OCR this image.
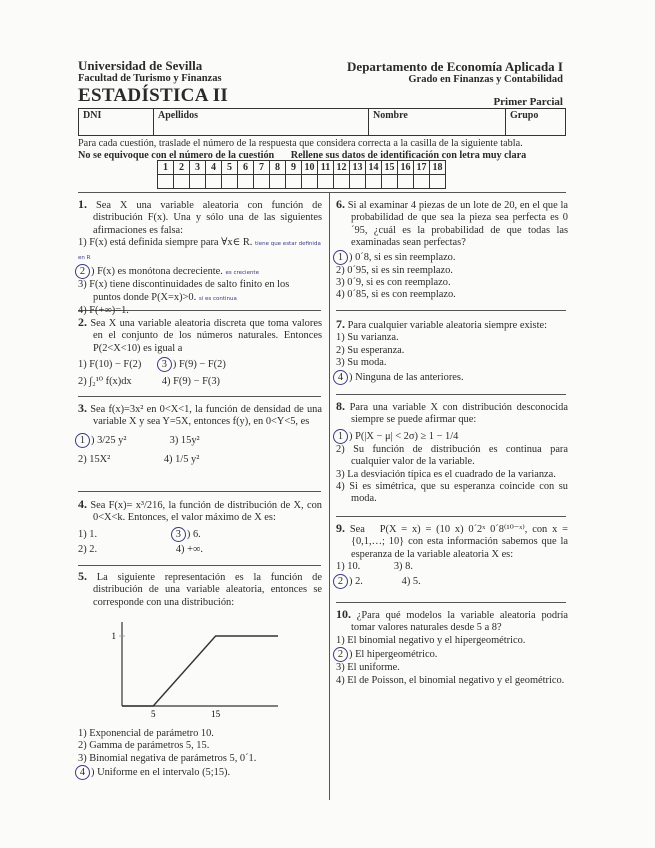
Universidad de Sevilla
Facultad de Turismo y Finanzas
Departamento de Economía Aplicada I
Grado en Finanzas y Contabilidad
ESTADÍSTICA II	Primer Parcial
DNI	Apellidos	Nombre	Grupo
Para cada cuestión, traslade el número de la respuesta que considera correcta a la casilla de la siguiente tabla.
No se equivoque con el número de la cuestión Rellene sus datos de identificación con letra muy clara
1	2	3	4	5	6	7	8	9	10	11	12	13	14	15	16	17	18

1. Sea X una variable aleatoria con función de distribución F(x). Una y sólo una de las siguientes afirmaciones es falsa:

1) F(x) está definida siempre para ∀x∈ R. tiene que estar definida en R

2 ) F(x) es monótona decreciente. es creciente

3) F(x) tiene discontinuidades de salto finito en los

puntos donde P(X=x)>0. si es continua

4) F(+∞)=1.

2. Sea X una variable aleatoria discreta que toma valores en el conjunto de los números naturales. Entonces P(2<X<10) es igual a

1) F(10) − F(2) 3 ) F(9) − F(2)

2) ∫₂¹⁰ f(x)dx	4) F(9) − F(3)

3. Sea f(x)=3x² en 0<X<1, la función de densidad de una variable X y sea Y=5X, entonces f(y), en 0<Y<5, es

1 ) 3/25 y²	3) 15y²

2) 15X²	4) 1/5 y²

4. Sea F(x)= x³/216, la función de distribución de X, con 0<X<k. Entonces, el valor máximo de X es:

1) 1.	3 ) 6.

2) 2.	4) +∞.

5. La siguiente representación es la función de distribución de una variable aleatoria, entonces se corresponde con una distribución:

1
5	15

1) Exponencial de parámetro 10.

2) Gamma de parámetros 5, 15.

3) Binomial negativa de parámetros 5, 0´1.

4 ) Uniforme en el intervalo (5;15).

6. Si al examinar 4 piezas de un lote de 20, en el que la probabilidad de que sea la pieza sea perfecta es 0´95, ¿cuál es la probabilidad de que todas las examinadas sean perfectas?

1 ) 0´8, si es sin reemplazo.

2) 0´95, si es sin reemplazo.

3) 0´9, si es con reemplazo.

4) 0´85, si es con reemplazo.

7. Para cualquier variable aleatoria siempre existe:

1) Su varianza.

2) Su esperanza.

3) Su moda.

4 ) Ninguna de las anteriores.

8. Para una variable X con distribución desconocida siempre se puede afirmar que:

1 ) P(|X − μ| < 2σ) ≥ 1 − 1/4

2) Su función de distribución es continua para cualquier valor de la variable.

3) La desviación típica es el cuadrado de la varianza.

4) Si es simétrica, que su esperanza coincide con su moda.

9. Sea P(X = x) = (10 x) 0´2ˣ 0´8⁽¹⁰⁻ˣ⁾, con x = {0,1,…; 10} con esta información sabemos que la esperanza de la variable aleatoria X es:

1) 10.	3) 8.

2 ) 2.	4) 5.

10. ¿Para qué modelos la variable aleatoria podría tomar valores naturales desde 5 a 8?

1) El binomial negativo y el hipergeométrico.

2 ) El hipergeométrico.

3) El uniforme.

4) El de Poisson, el binomial negativo y el geométrico.
